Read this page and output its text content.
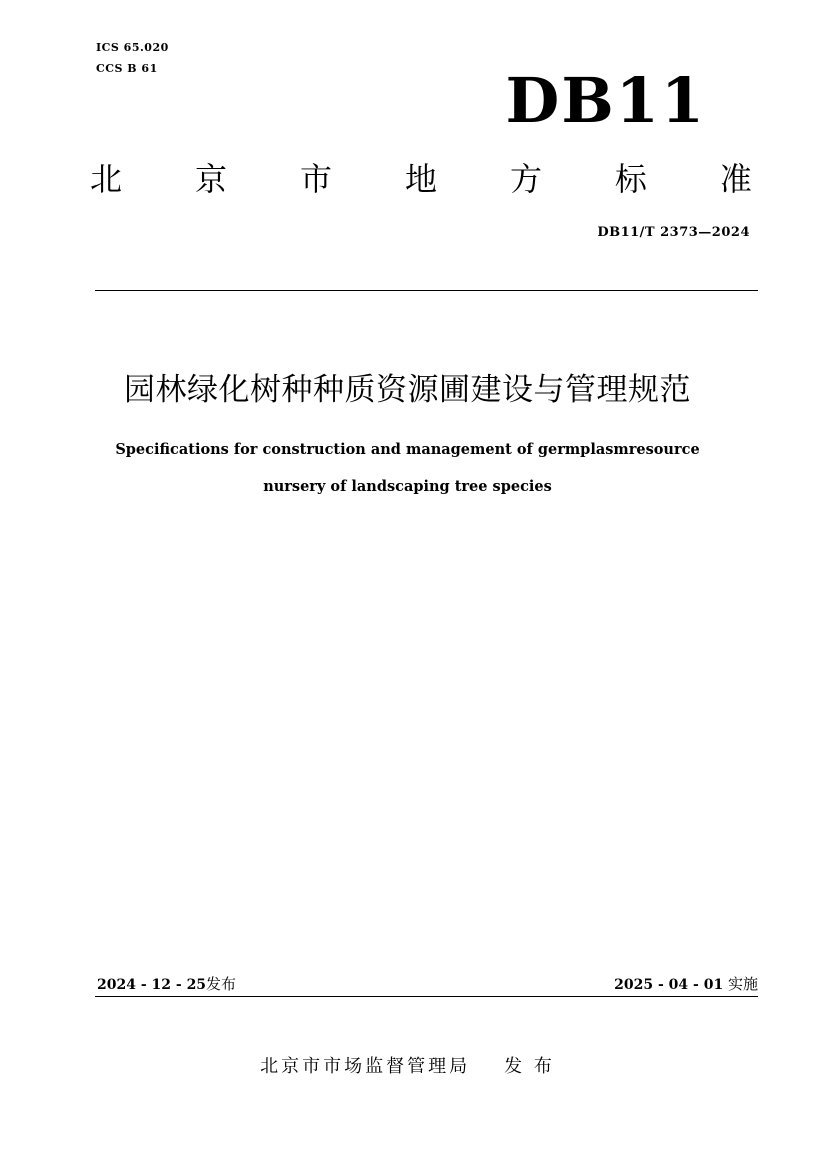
ICS 65.020
CCS B 61	DB11
北 京 市 地 方 标 准
DB11/T 2373—2024
园林绿化树种种质资源圃建设与管理规范
Specifications for construction and management of germplasmresource
nursery of landscaping tree species
2024 - 12 - 25发布	2025 - 04 - 01 实施
北京市市场监督管理局 发 布
